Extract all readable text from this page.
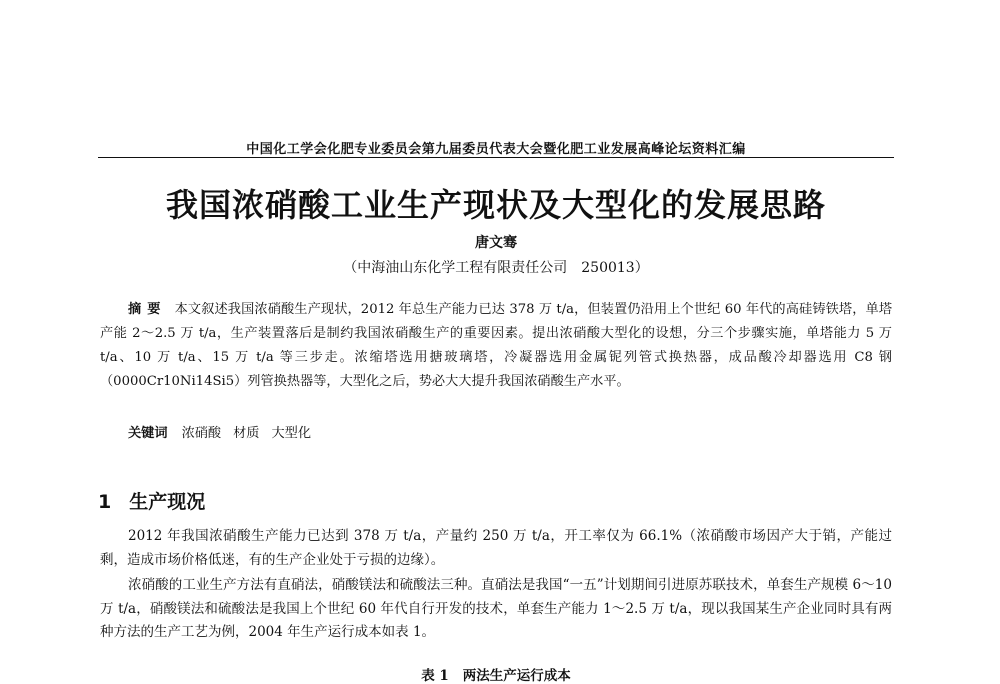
中国化工学会化肥专业委员会第九届委员代表大会暨化肥工业发展高峰论坛资料汇编
我国浓硝酸工业生产现状及大型化的发展思路
唐文骞
（中海油山东化学工程有限责任公司　250013）

摘要 本文叙述我国浓硝酸生产现状，2012 年总生产能力已达 378 万 t/a，但装置仍沿用上个世纪 60 年代的高硅铸铁塔，单塔产能 2～2.5 万 t/a，生产装置落后是制约我国浓硝酸生产的重要因素。提出浓硝酸大型化的设想，分三个步骤实施，单塔能力 5 万 t/a、10 万 t/a、15 万 t/a 等三步走。浓缩塔选用搪玻璃塔，冷凝器选用金属铌列管式换热器，成品酸冷却器选用 C8 钢（0000Cr10Ni14Si5）列管换热器等，大型化之后，势必大大提升我国浓硝酸生产水平。

关键词 浓硝酸 材质 大型化
1 生产现况

2012 年我国浓硝酸生产能力已达到 378 万 t/a，产量约 250 万 t/a，开工率仅为 66.1%（浓硝酸市场因产大于销，产能过剩，造成市场价格低迷，有的生产企业处于亏损的边缘）。

浓硝酸的工业生产方法有直硝法，硝酸镁法和硫酸法三种。直硝法是我国“一五”计划期间引进原苏联技术，单套生产规模 6～10 万 t/a，硝酸镁法和硫酸法是我国上个世纪 60 年代自行开发的技术，单套生产能力 1～2.5 万 t/a，现以我国某生产企业同时具有两种方法的生产工艺为例，2004 年生产运行成本如表 1。

表 1 两法生产运行成本
